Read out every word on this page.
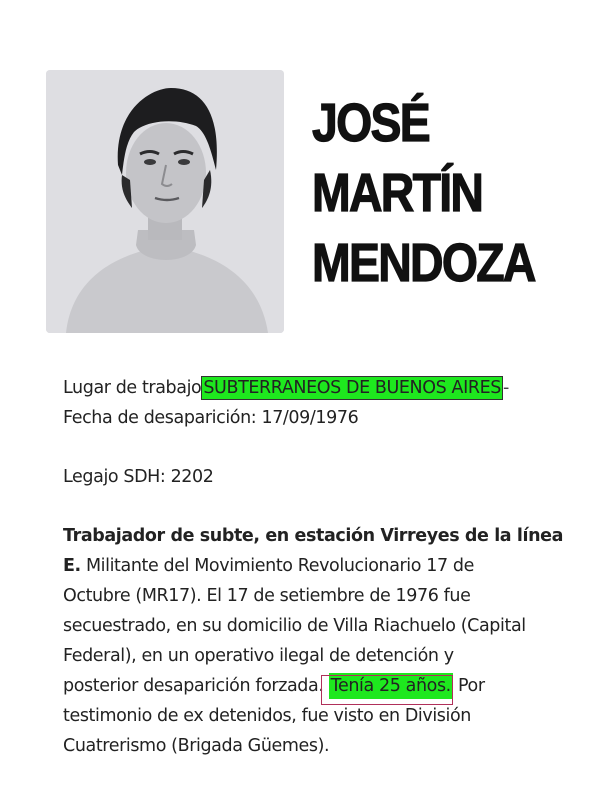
JOSÉ
MARTÍN
MENDOZA
Lugar de trabajo SUBTERRANEOS DE BUENOS AIRES -
Fecha de desaparición: 17/09/1976
Legajo SDH: 2202
Trabajador de subte, en estación Virreyes de la línea
E. Militante del Movimiento Revolucionario 17 de
Octubre (MR17). El 17 de setiembre de 1976 fue
secuestrado, en su domicilio de Villa Riachuelo (Capital
Federal), en un operativo ilegal de detención y
posterior desaparición forzada. Tenía 25 años. Por
testimonio de ex detenidos, fue visto en División
Cuatrerismo (Brigada Güemes).
